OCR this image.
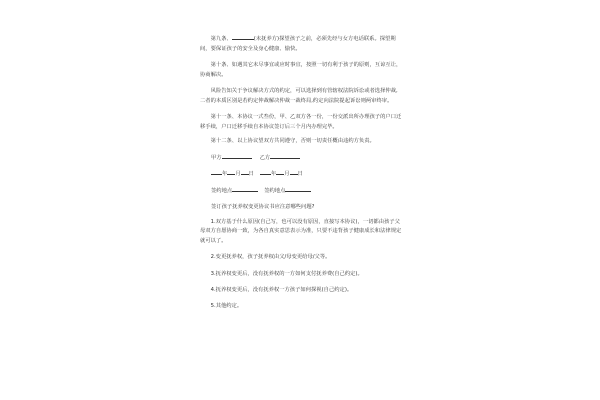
第九条、	(未抚养方)探望孩子之前，必须先经与女方电话联系。探望期间，要保证孩子的安全及身心健康、愉快。

第十条、如遇其它未尽事宜或应时事宜，按照一切有利于孩子的原则，互谅互让，协商解决。

风险告知关于争议解决方式的约定，可以选择到有管辖权法院诉讼或者选择仲裁,二者的本质区别是若约定仲裁解决仲裁一裁终局,约定向法院提起诉讼则两审终审。

第十一条、本协议一式叁份，甲、乙双方各一份，一份交派出所办理孩子的户口迁移手续，户口迁移手续自本协议签订后三个月内办理完毕。

第十二条、以上协议望双方共同遵守，否则一切责任概由违约方负责。

甲方	乙方

年 月 日	年 月 日

签约地点	签约地点

签订孩子抚养权变更协议书应注意哪些问题?

1.双方基于什么原因(自己写，也可以没有原因，直接写本协议)，一切都由孩子父母双方自愿协商一致，为各自真实意思表示为准，只要不违背孩子健康成长和法律规定就可以了。

2.变更抚养权，孩子抚养权由父/母变更给母/父等。

3.抚养权变更后，没有抚养权的一方如何支付抚养费(自己约定)。

4.抚养权变更后，没有抚养权一方孩子如何探视(自己约定)。

5.其他约定。
